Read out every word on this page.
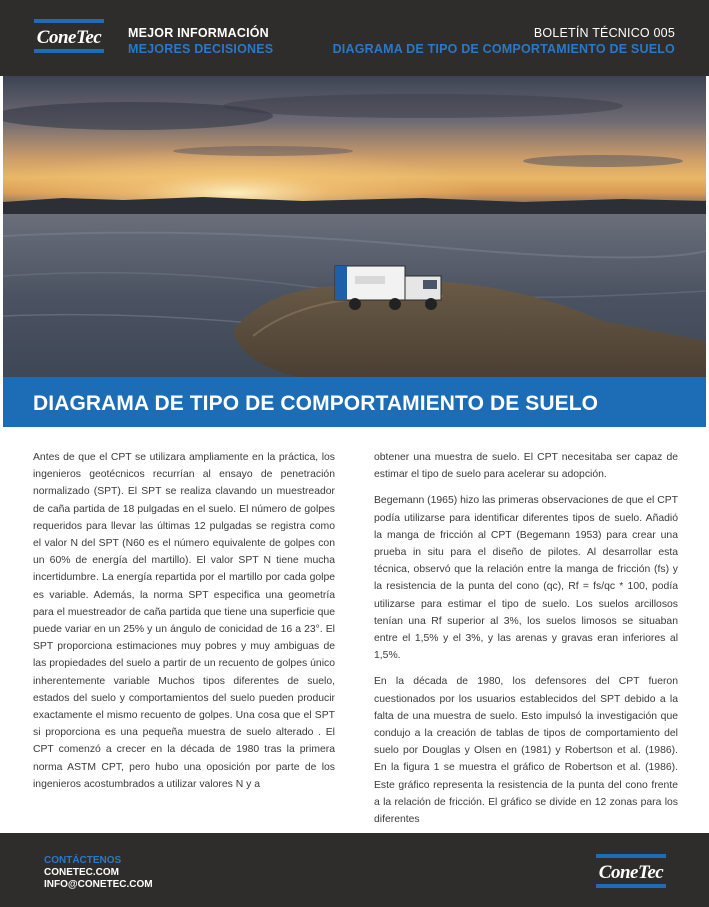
ConeTec MEJOR INFORMACIÓN
MEJORES DECISIONES
BOLETÍN TÉCNICO 005
DIAGRAMA DE TIPO DE COMPORTAMIENTO DE SUELO
DIAGRAMA DE TIPO DE COMPORTAMIENTO DE SUELO

Antes de que el CPT se utilizara ampliamente en la práctica, los ingenieros geotécnicos recurrían al ensayo de penetración normalizado (SPT). El SPT se realiza clavando un muestreador de caña partida de 18 pulgadas en el suelo. El número de golpes requeridos para llevar las últimas 12 pulgadas se registra como el valor N del SPT (N60 es el número equivalente de golpes con un 60% de energía del martillo). El valor SPT N tiene mucha incertidumbre. La energía repartida por el martillo por cada golpe es variable. Además, la norma SPT especifica una geometría para el muestreador de caña partida que tiene una superficie que puede variar en un 25% y un ángulo de conicidad de 16 a 23°. El SPT proporciona estimaciones muy pobres y muy ambiguas de las propiedades del suelo a partir de un recuento de golpes único inherentemente variable Muchos tipos diferentes de suelo, estados del suelo y comportamientos del suelo pueden producir exactamente el mismo recuento de golpes. Una cosa que el SPT si proporciona es una pequeña muestra de suelo alterado . El CPT comenzó a crecer en la década de 1980 tras la primera norma ASTM CPT, pero hubo una oposición por parte de los ingenieros acostumbrados a utilizar valores N y a

obtener una muestra de suelo. El CPT necesitaba ser capaz de estimar el tipo de suelo para acelerar su adopción.

Begemann (1965) hizo las primeras observaciones de que el CPT podía utilizarse para identificar diferentes tipos de suelo. Añadió la manga de fricción al CPT (Begemann 1953) para crear una prueba in situ para el diseño de pilotes. Al desarrollar esta técnica, observó que la relación entre la manga de fricción (fs) y la resistencia de la punta del cono (qc), Rf = fs/qc * 100, podía utilizarse para estimar el tipo de suelo. Los suelos arcillosos tenían una Rf superior al 3%, los suelos limosos se situaban entre el 1,5% y el 3%, y las arenas y gravas eran inferiores al 1,5%.

En la década de 1980, los defensores del CPT fueron cuestionados por los usuarios establecidos del SPT debido a la falta de una muestra de suelo. Esto impulsó la investigación que condujo a la creación de tablas de tipos de comportamiento del suelo por Douglas y Olsen en (1981) y Robertson et al. (1986). En la figura 1 se muestra el gráfico de Robertson et al. (1986). Este gráfico representa la resistencia de la punta del cono frente a la relación de fricción. El gráfico se divide en 12 zonas para los diferentes

CONTÁCTENOS
CONETEC.COM
INFO@CONETEC.COM
ConeTec
